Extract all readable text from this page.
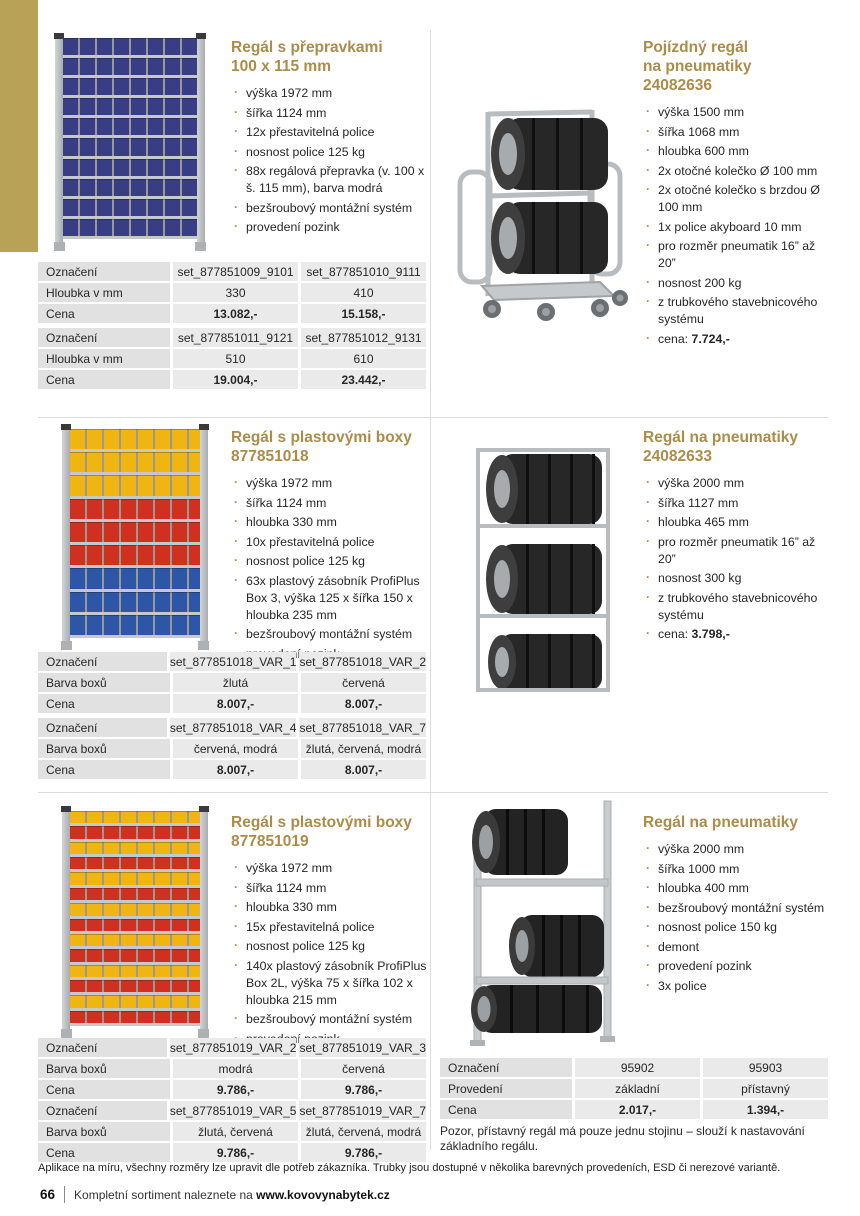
Regál s přepravkami
100 x 115 mm
· výška 1972 mm
· šířka 1124 mm
· 12x přestavitelná police
· nosnost police 125 kg
· 88x regálová přepravka (v. 100 x š. 115 mm), barva modrá
· bezšroubový montážní systém
· provedení pozink
Označení	set_877851009_9101	set_877851010_9111
Hloubka v mm	330	410
Cena	13.082,-	15.158,-
Označení	set_877851011_9121	set_877851012_9131
Hloubka v mm	510	610
Cena	19.004,-	23.442,-
Pojízdný regál
na pneumatiky
24082636
· výška 1500 mm
· šířka 1068 mm
· hloubka 600 mm
· 2x otočné kolečko Ø 100 mm
· 2x otočné kolečko s brzdou Ø 100 mm
· 1x police akyboard 10 mm
· pro rozměr pneumatik 16” až 20”
· nosnost 200 kg
· z trubkového stavebnicového systému
· cena: 7.724,-
Regál s plastovými boxy
877851018
· výška 1972 mm
· šířka 1124 mm
· hloubka 330 mm
· 10x přestavitelná police
· nosnost police 125 kg
· 63x plastový zásobník ProfiPlus Box 3, výška 125 x šířka 150 x hloubka 235 mm
· bezšroubový montážní systém
·
Označení	set_877851018_VAR_1 set_877851018_VAR_2
Barva boxů	žlutá	červená
Cena	8.007,-	8.007,-
Označení	set_877851018_VAR_4 set_877851018_VAR_7
Barva boxů	červená, modrá	žlutá, červená, modrá
Cena	8.007,-	8.007,-
Regál na pneumatiky
24082633
· výška 2000 mm
· šířka 1127 mm
· hloubka 465 mm
· pro rozměr pneumatik 16” až 20”
· nosnost 300 kg
· z trubkového stavebnicového systému
· cena: 3.798,-
Regál s plastovými boxy
877851019
· výška 1972 mm
· šířka 1124 mm
· hloubka 330 mm
· 15x přestavitelná police
· nosnost police 125 kg
· 140x plastový zásobník ProfiPlus Box 2L, výška 75 x šířka 102 x hloubka 215 mm
· bezšroubový montážní systém
·
Označení	set_877851019_VAR_2 set_877851019_VAR_3
Barva boxů	modrá	červená
Cena	9.786,-	9.786,-
Označení	set_877851019_VAR_5 set_877851019_VAR_7
Barva boxů	žlutá, červená	žlutá, červená, modrá
Cena	9.786,-	9.786,-
Regál na pneumatiky
· výška 2000 mm
· šířka 1000 mm
· hloubka 400 mm
· bezšroubový montážní systém
· nosnost police 150 kg
· demont
· provedení pozink
· 3x police
Označení	95902	95903
Provedení	základní	přístavný
Cena	2.017,-	1.394,-
Pozor, přístavný regál má pouze jednu stojinu – slouží k nastavování základního regálu.
Aplikace na míru, všechny rozměry lze upravit dle potřeb zákazníka. Trubky jsou dostupné v několika barevných provedeních, ESD či nerezové variantě.
66 Kompletní sortiment naleznete na www.kovovynabytek.cz
